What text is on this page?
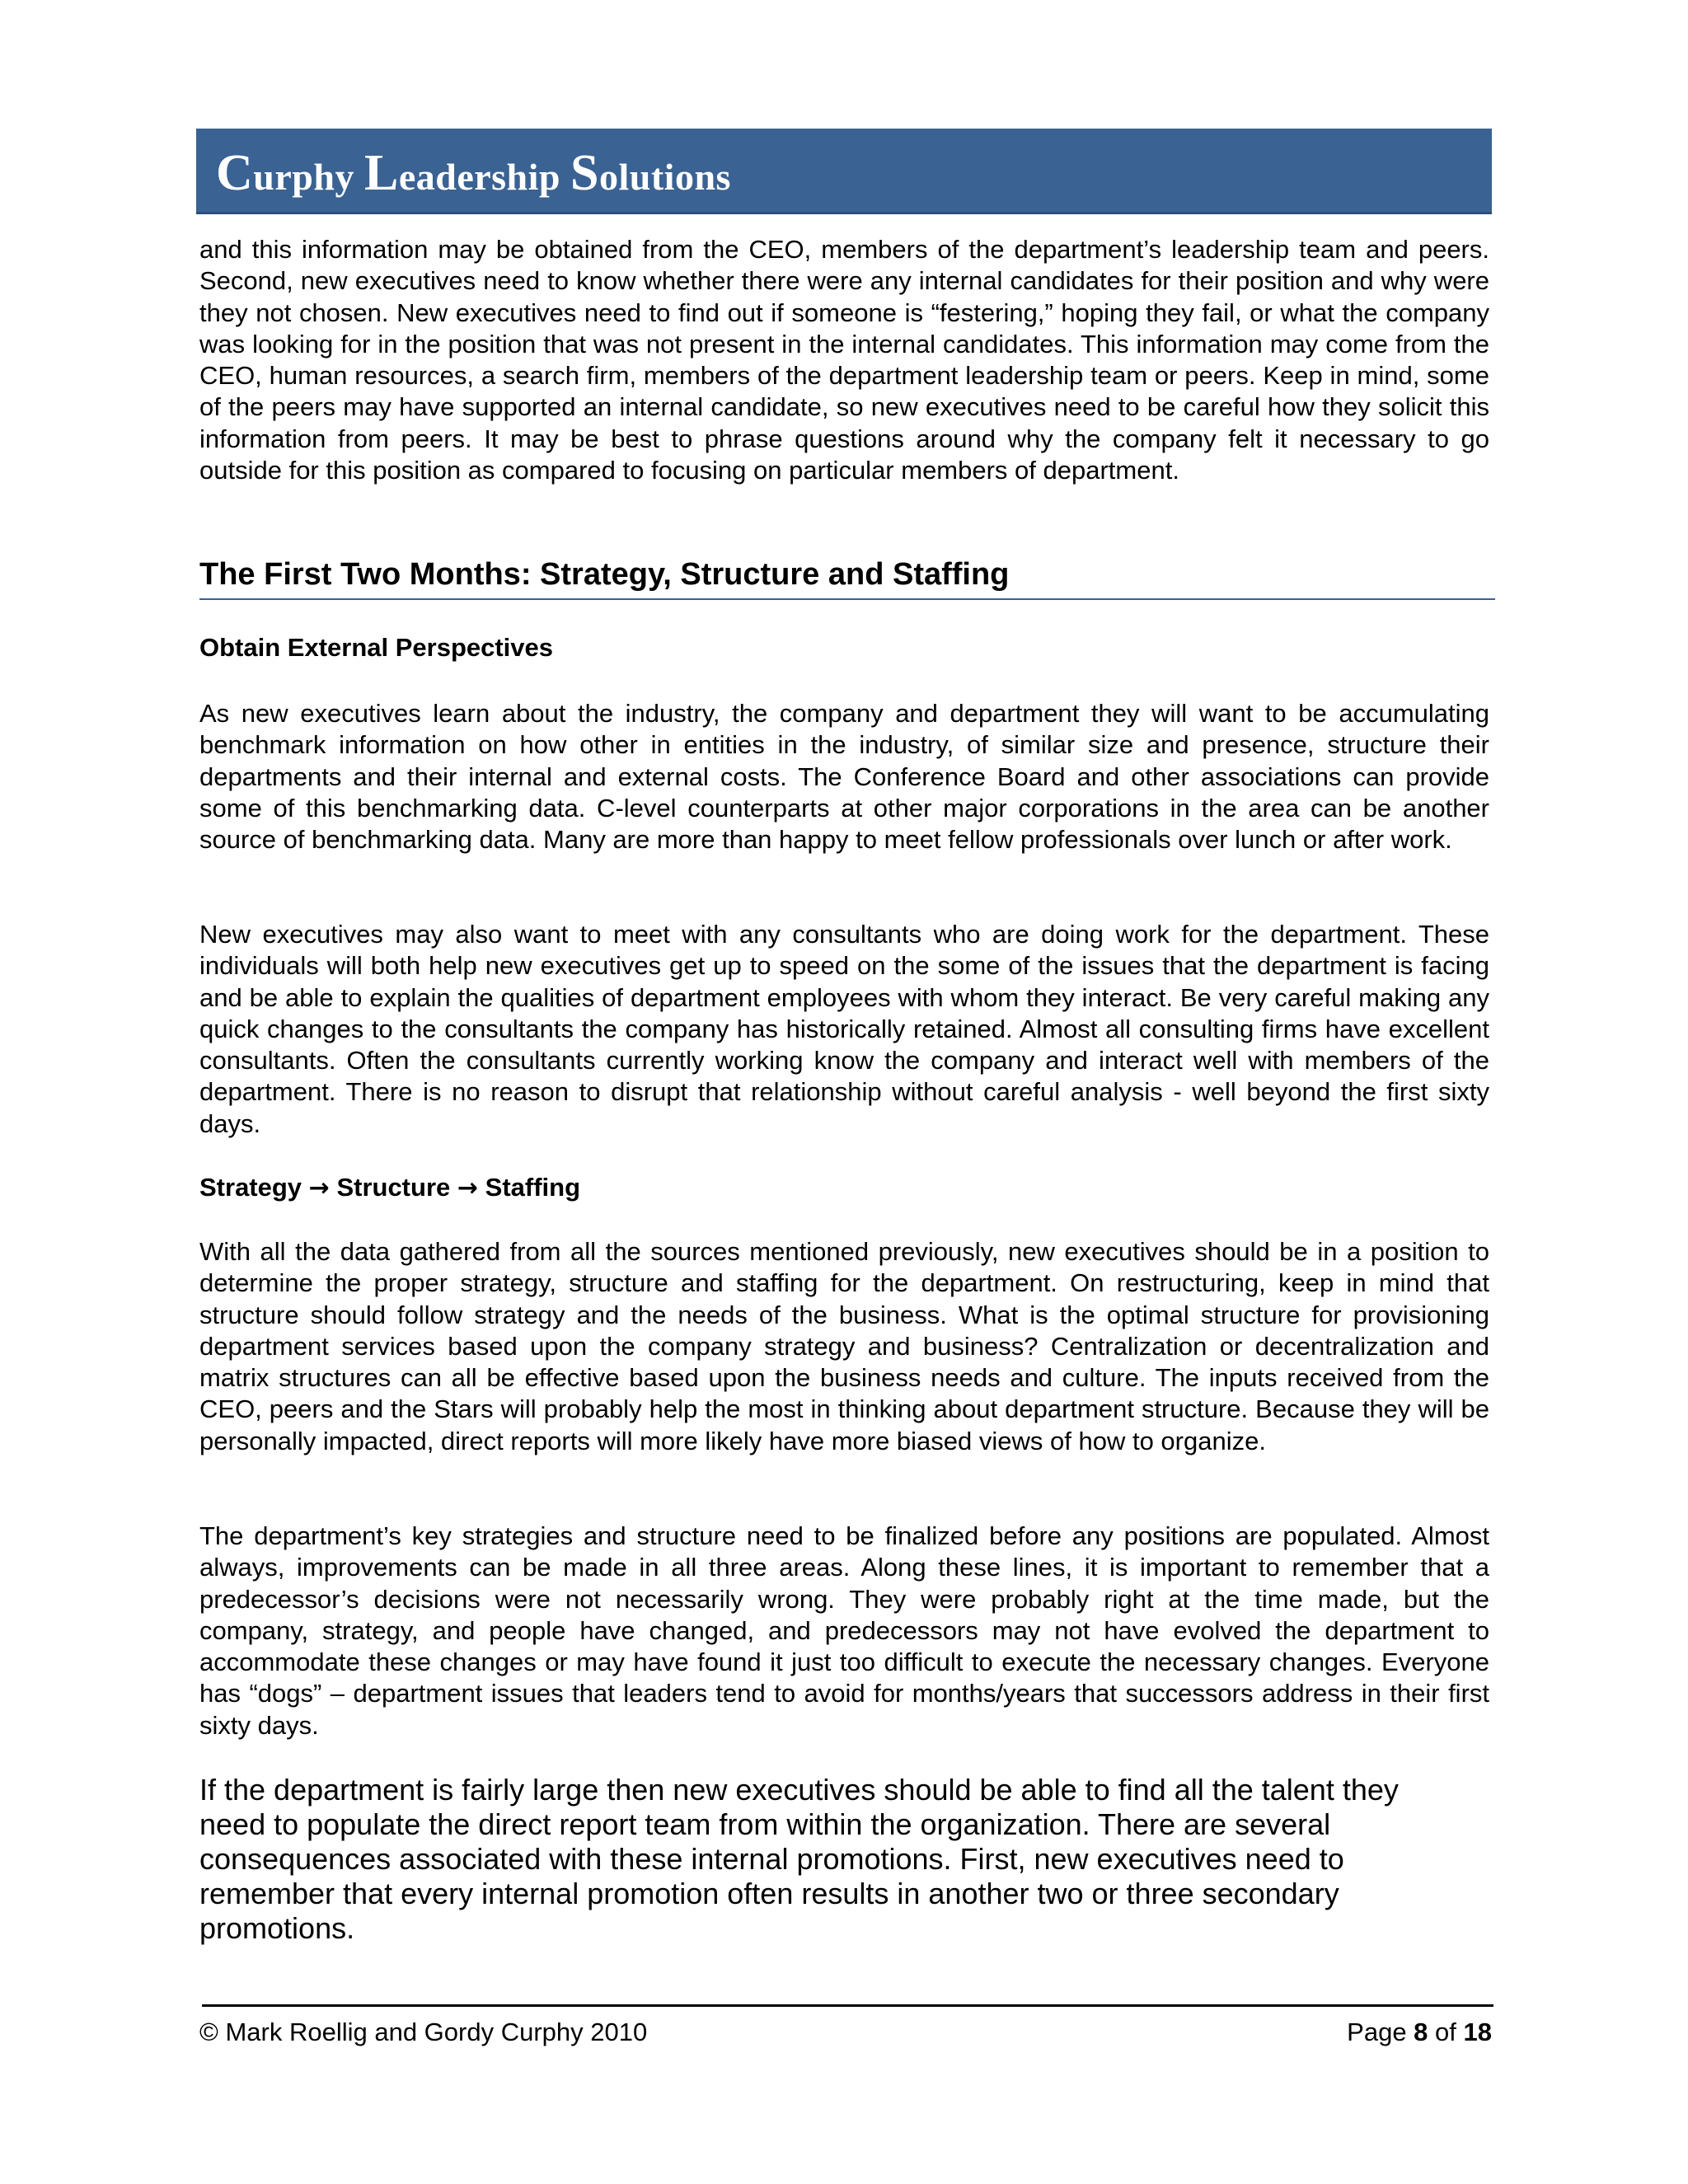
Curphy Leadership Solutions

and this information may be obtained from the CEO, members of the department’s leadership team and peers. Second, new executives need to know whether there were any internal candidates for their position and why were they not chosen. New executives need to find out if someone is “festering,” hoping they fail, or what the company was looking for in the position that was not present in the internal candidates. This information may come from the CEO, human resources, a search firm, members of the department leadership team or peers. Keep in mind, some of the peers may have supported an internal candidate, so new executives need to be careful how they solicit this information from peers. It may be best to phrase questions around why the company felt it necessary to go outside for this position as compared to focusing on particular members of department.

The First Two Months: Strategy, Structure and Staffing
Obtain External Perspectives

As new executives learn about the industry, the company and department they will want to be accumulating benchmark information on how other in entities in the industry, of similar size and presence, structure their departments and their internal and external costs. The Conference Board and other associations can provide some of this benchmarking data. C-level counterparts at other major corporations in the area can be another source of benchmarking data. Many are more than happy to meet fellow professionals over lunch or after work.

New executives may also want to meet with any consultants who are doing work for the department. These individuals will both help new executives get up to speed on the some of the issues that the department is facing and be able to explain the qualities of department employees with whom they interact. Be very careful making any quick changes to the consultants the company has historically retained. Almost all consulting firms have excellent consultants. Often the consultants currently working know the company and interact well with members of the department. There is no reason to disrupt that relationship without careful analysis - well beyond the first sixty days.

Strategy → Structure → Staffing

With all the data gathered from all the sources mentioned previously, new executives should be in a position to determine the proper strategy, structure and staffing for the department. On restructuring, keep in mind that structure should follow strategy and the needs of the business. What is the optimal structure for provisioning department services based upon the company strategy and business? Centralization or decentralization and matrix structures can all be effective based upon the business needs and culture. The inputs received from the CEO, peers and the Stars will probably help the most in thinking about department structure. Because they will be personally impacted, direct reports will more likely have more biased views of how to organize.

The department’s key strategies and structure need to be finalized before any positions are populated. Almost always, improvements can be made in all three areas. Along these lines, it is important to remember that a predecessor’s decisions were not necessarily wrong. They were probably right at the time made, but the company, strategy, and people have changed, and predecessors may not have evolved the department to accommodate these changes or may have found it just too difficult to execute the necessary changes. Everyone has “dogs” – department issues that leaders tend to avoid for months/years that successors address in their first sixty days.

If the department is fairly large then new executives should be able to find all the talent they need to populate the direct report team from within the organization. There are several consequences associated with these internal promotions. First, new executives need to remember that every internal promotion often results in another two or three secondary promotions.

© Mark Roellig and Gordy Curphy 2010	Page 8 of 18
